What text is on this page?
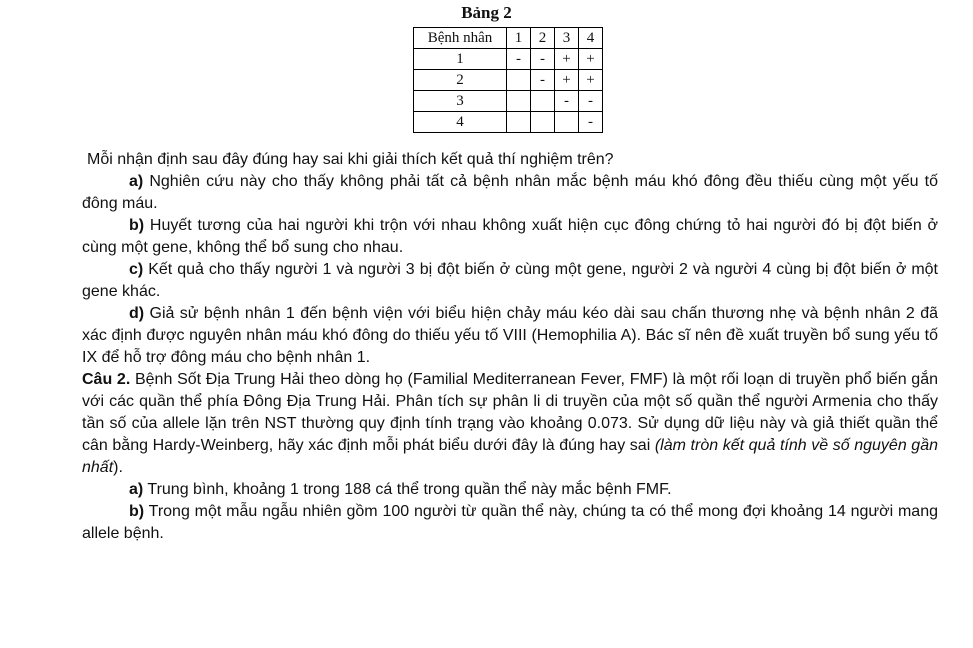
Bảng 2
Bệnh nhân	1	2	3	4
1	-	-	+	+
2		-	+	+
3			-	-
4				-

Mỗi nhận định sau đây đúng hay sai khi giải thích kết quả thí nghiệm trên?

a) Nghiên cứu này cho thấy không phải tất cả bệnh nhân mắc bệnh máu khó đông đều thiếu cùng một yếu tố đông máu.

b) Huyết tương của hai người khi trộn với nhau không xuất hiện cục đông chứng tỏ hai người đó bị đột biến ở cùng một gene, không thể bổ sung cho nhau.

c) Kết quả cho thấy người 1 và người 3 bị đột biến ở cùng một gene, người 2 và người 4 cùng bị đột biến ở một gene khác.

d) Giả sử bệnh nhân 1 đến bệnh viện với biểu hiện chảy máu kéo dài sau chấn thương nhẹ và bệnh nhân 2 đã xác định được nguyên nhân máu khó đông do thiếu yếu tố VIII (Hemophilia A). Bác sĩ nên đề xuất truyền bổ sung yếu tố IX để hỗ trợ đông máu cho bệnh nhân 1.

Câu 2. Bệnh Sốt Địa Trung Hải theo dòng họ (Familial Mediterranean Fever, FMF) là một rối loạn di truyền phổ biến gắn với các quần thể phía Đông Địa Trung Hải. Phân tích sự phân li di truyền của một số quần thể người Armenia cho thấy tần số của allele lặn trên NST thường quy định tính trạng vào khoảng 0.073. Sử dụng dữ liệu này và giả thiết quần thể cân bằng Hardy-Weinberg, hãy xác định mỗi phát biểu dưới đây là đúng hay sai (làm tròn kết quả tính về số nguyên gần nhất).

a) Trung bình, khoảng 1 trong 188 cá thể trong quần thể này mắc bệnh FMF.

b) Trong một mẫu ngẫu nhiên gồm 100 người từ quần thể này, chúng ta có thể mong đợi khoảng 14 người mang allele bệnh.
